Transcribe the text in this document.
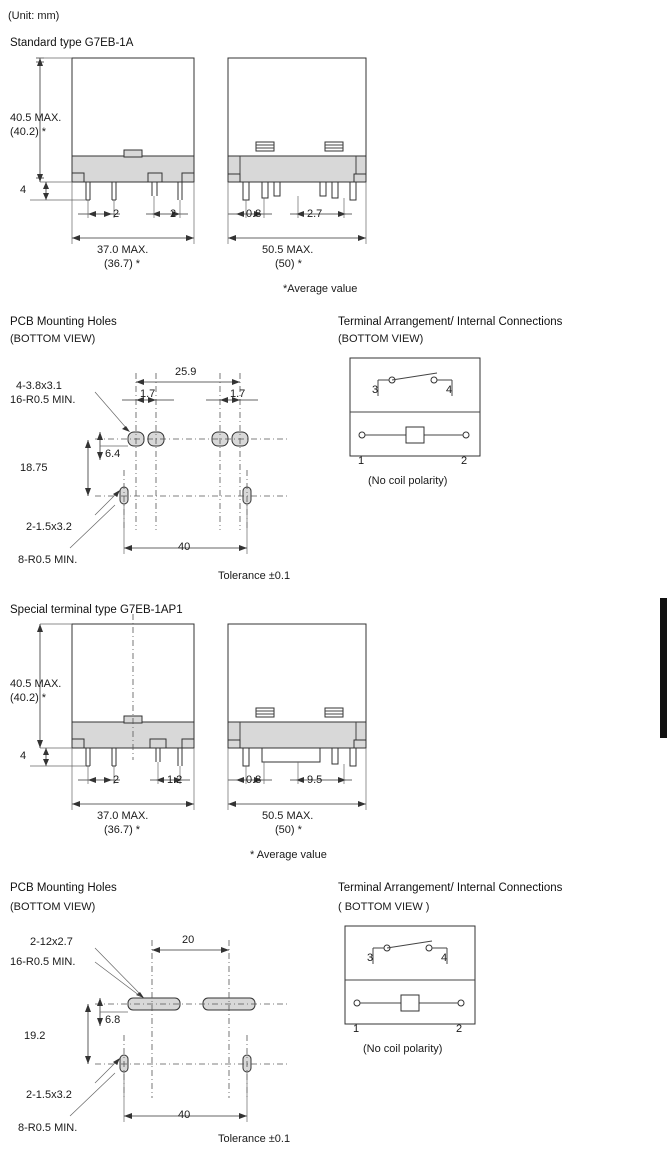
(Unit: mm)
Standard type G7EB-1A
40.5 MAX.
(40.2) *
4
2	2
37.0 MAX.
(36.7) *
0.8	2.7
50.5 MAX.
(50) *
*Average value
PCB Mounting Holes
(BOTTOM VIEW)
4-3.8x3.1
16-R0.5 MIN.
25.9
1.7	1.7
6.4
18.75
2-1.5x3.2
8-R0.5 MIN.
40
Tolerance ±0.1
Terminal Arrangement/ Internal Connections
(BOTTOM VIEW)
3	4
1	2
(No coil polarity)
Special terminal type G7EB-1AP1
40.5 MAX.
(40.2) *
4
2	1.2
37.0 MAX.
(36.7) *
0.8	9.5
50.5 MAX.
(50) *
* Average value
PCB Mounting Holes
(BOTTOM VIEW)
2-12x2.7
16-R0.5 MIN.
20
6.8
19.2
2-1.5x3.2
8-R0.5 MIN.
40
Tolerance ±0.1
Terminal Arrangement/ Internal Connections
( BOTTOM VIEW )
3	4
1	2
(No coil polarity)
